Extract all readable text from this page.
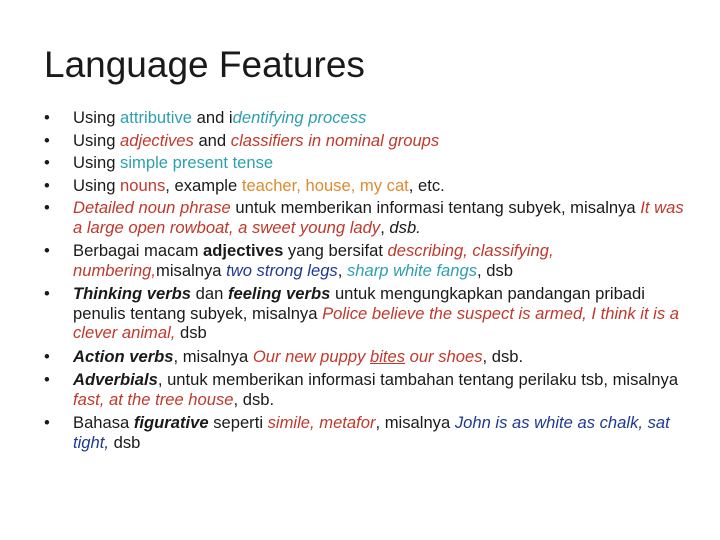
Language Features
•	Using attributive and identifying process
•	Using adjectives and classifiers in nominal groups
•	Using simple present tense
•	Using nouns, example teacher, house, my cat, etc.
•	Detailed noun phrase untuk memberikan informasi tentang subyek, misalnya It was a large open rowboat, a sweet young lady, dsb.
•	Berbagai macam adjectives yang bersifat describing, classifying, numbering,misalnya two strong legs, sharp white fangs, dsb
•	Thinking verbs dan feeling verbs untuk mengungkapkan pandangan pribadi penulis tentang subyek, misalnya Police believe the suspect is armed, I think it is a clever animal, dsb
•	Action verbs, misalnya Our new puppy bites our shoes, dsb.
•	Adverbials, untuk memberikan informasi tambahan tentang perilaku tsb, misalnya fast, at the tree house, dsb.
•	Bahasa figurative seperti simile, metafor, misalnya John is as white as chalk, sat tight, dsb
